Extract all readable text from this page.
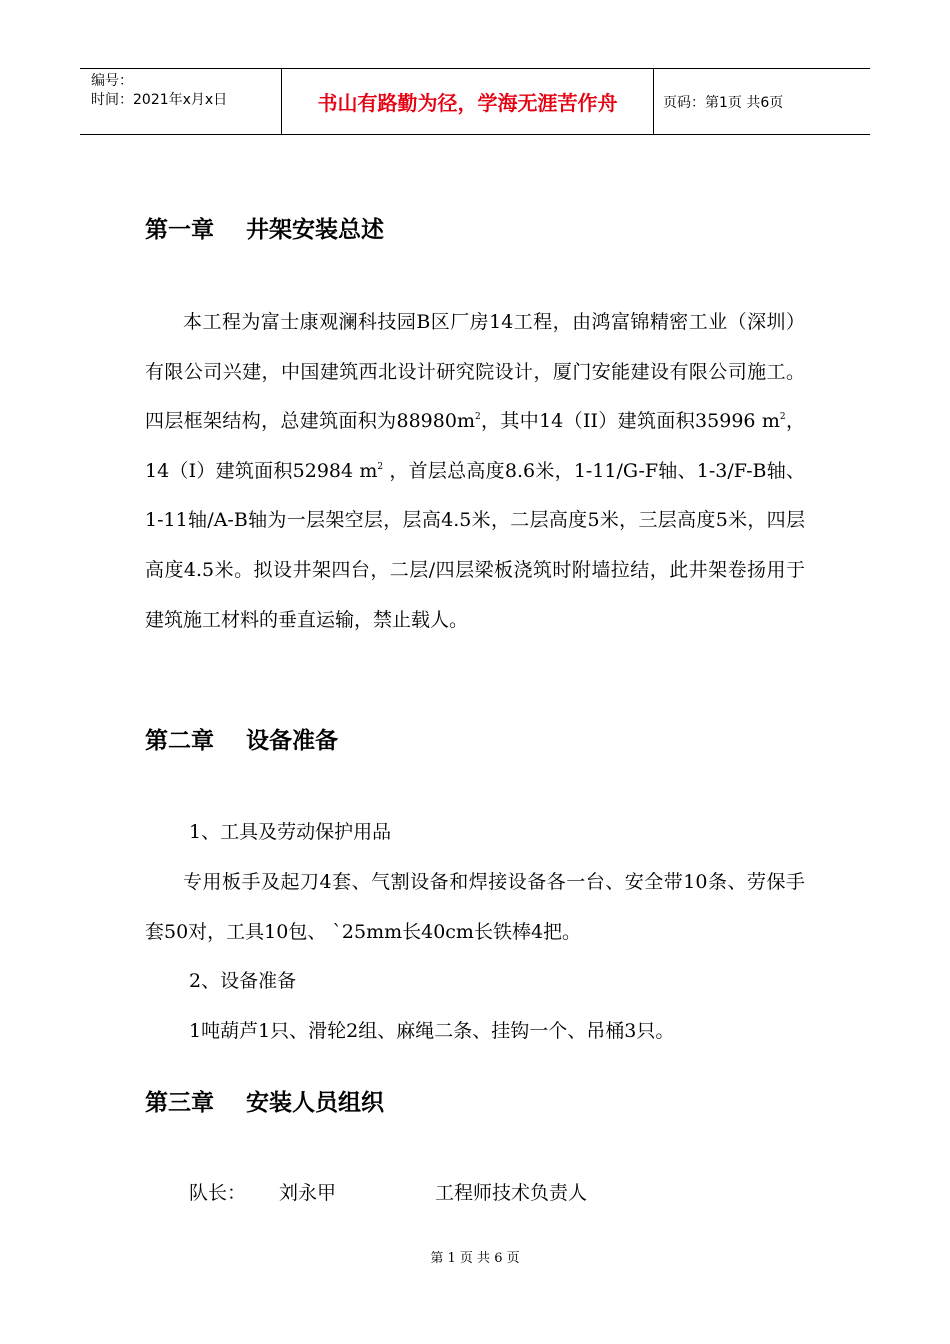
编号：
时间：2021年x月x日	书山有路勤为径，学海无涯苦作舟	页码：第1页 共6页
第一章    井架安装总述

本工程为富士康观澜科技园B区厂房14工程，由鸿富锦精密工业（深圳）有限公司兴建，中国建筑西北设计研究院设计，厦门安能建设有限公司施工。四层框架结构，总建筑面积为$88980m^2$，其中14（II）建筑面积35996 $m^2$，14（I）建筑面积52984 $m^2$ ，首层总高度8.6米，1-11/G-F轴、1-3/F-B轴、1-11轴/A-B轴为一层架空层，层高4.5米，二层高度5米，三层高度5米，四层高度4.5米。拟设井架四台，二层/四层梁板浇筑时附墙拉结，此井架卷扬用于建筑施工材料的垂直运输，禁止载人。

第二章    设备准备

1、工具及劳动保护用品

专用板手及起刀4套、气割设备和焊接设备各一台、安全带10条、劳保手套50对，工具10包、 `25mm长40cm长铁棒4把。

2、设备准备

1吨葫芦1只、滑轮2组、麻绳二条、挂钩一个、吊桶3只。

第三章    安装人员组织

队长： 刘永甲	工程师技术负责人

第 1 页 共 6 页
